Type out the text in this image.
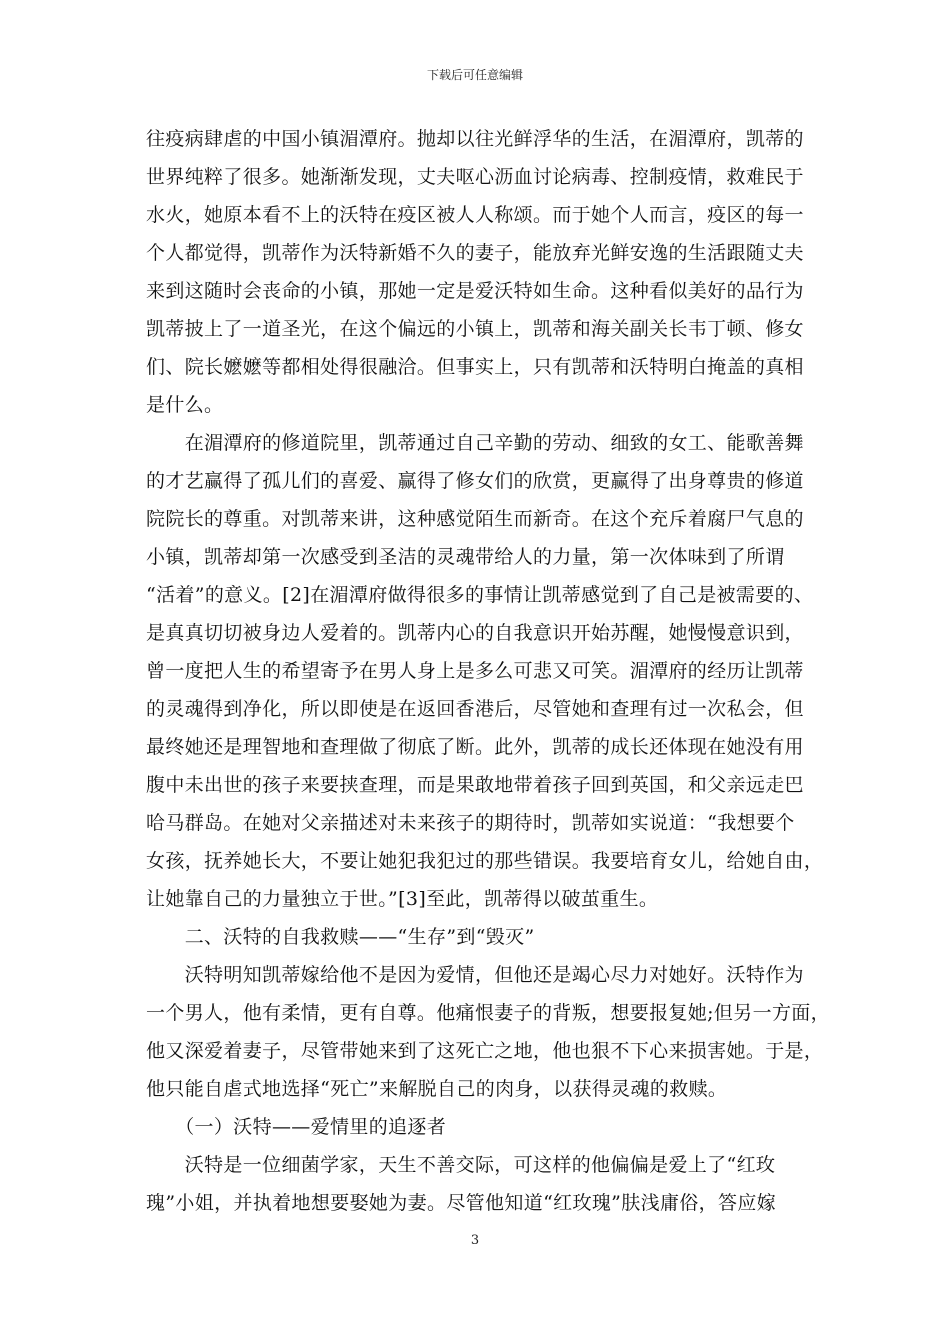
下载后可任意编辑
往疫病肆虐的中国小镇湄潭府。抛却以往光鲜浮华的生活，在湄潭府，凯蒂的
世界纯粹了很多。她渐渐发现，丈夫呕心沥血讨论病毒、控制疫情，救难民于
水火，她原本看不上的沃特在疫区被人人称颂。而于她个人而言，疫区的每一
个人都觉得，凯蒂作为沃特新婚不久的妻子，能放弃光鲜安逸的生活跟随丈夫
来到这随时会丧命的小镇，那她一定是爱沃特如生命。这种看似美好的品行为
凯蒂披上了一道圣光，在这个偏远的小镇上，凯蒂和海关副关长韦丁顿、修女
们、院长嬷嬷等都相处得很融洽。但事实上，只有凯蒂和沃特明白掩盖的真相
是什么。
　　在湄潭府的修道院里，凯蒂通过自己辛勤的劳动、细致的女工、能歌善舞
的才艺赢得了孤儿们的喜爱、赢得了修女们的欣赏，更赢得了出身尊贵的修道
院院长的尊重。对凯蒂来讲，这种感觉陌生而新奇。在这个充斥着腐尸气息的
小镇，凯蒂却第一次感受到圣洁的灵魂带给人的力量，第一次体味到了所谓
“活着”的意义。[2]在湄潭府做得很多的事情让凯蒂感觉到了自己是被需要的、
是真真切切被身边人爱着的。凯蒂内心的自我意识开始苏醒，她慢慢意识到，
曾一度把人生的希望寄予在男人身上是多么可悲又可笑。湄潭府的经历让凯蒂
的灵魂得到净化，所以即使是在返回香港后，尽管她和查理有过一次私会，但
最终她还是理智地和查理做了彻底了断。此外，凯蒂的成长还体现在她没有用
腹中未出世的孩子来要挟查理，而是果敢地带着孩子回到英国，和父亲远走巴
哈马群岛。在她对父亲描述对未来孩子的期待时，凯蒂如实说道：“我想要个
女孩，抚养她长大，不要让她犯我犯过的那些错误。我要培育女儿，给她自由，
让她靠自己的力量独立于世。”[3]至此，凯蒂得以破茧重生。
　　二、沃特的自我救赎——“生存”到“毁灭”
　　沃特明知凯蒂嫁给他不是因为爱情，但他还是竭心尽力对她好。沃特作为
一个男人，他有柔情，更有自尊。他痛恨妻子的背叛，想要报复她;但另一方面，
他又深爱着妻子，尽管带她来到了这死亡之地，他也狠不下心来损害她。于是，
他只能自虐式地选择“死亡”来解脱自己的肉身，以获得灵魂的救赎。
　　（一）沃特——爱情里的追逐者
　　沃特是一位细菌学家，天生不善交际，可这样的他偏偏是爱上了“红玫
瑰”小姐，并执着地想要娶她为妻。尽管他知道“红玫瑰”肤浅庸俗，答应嫁
3
